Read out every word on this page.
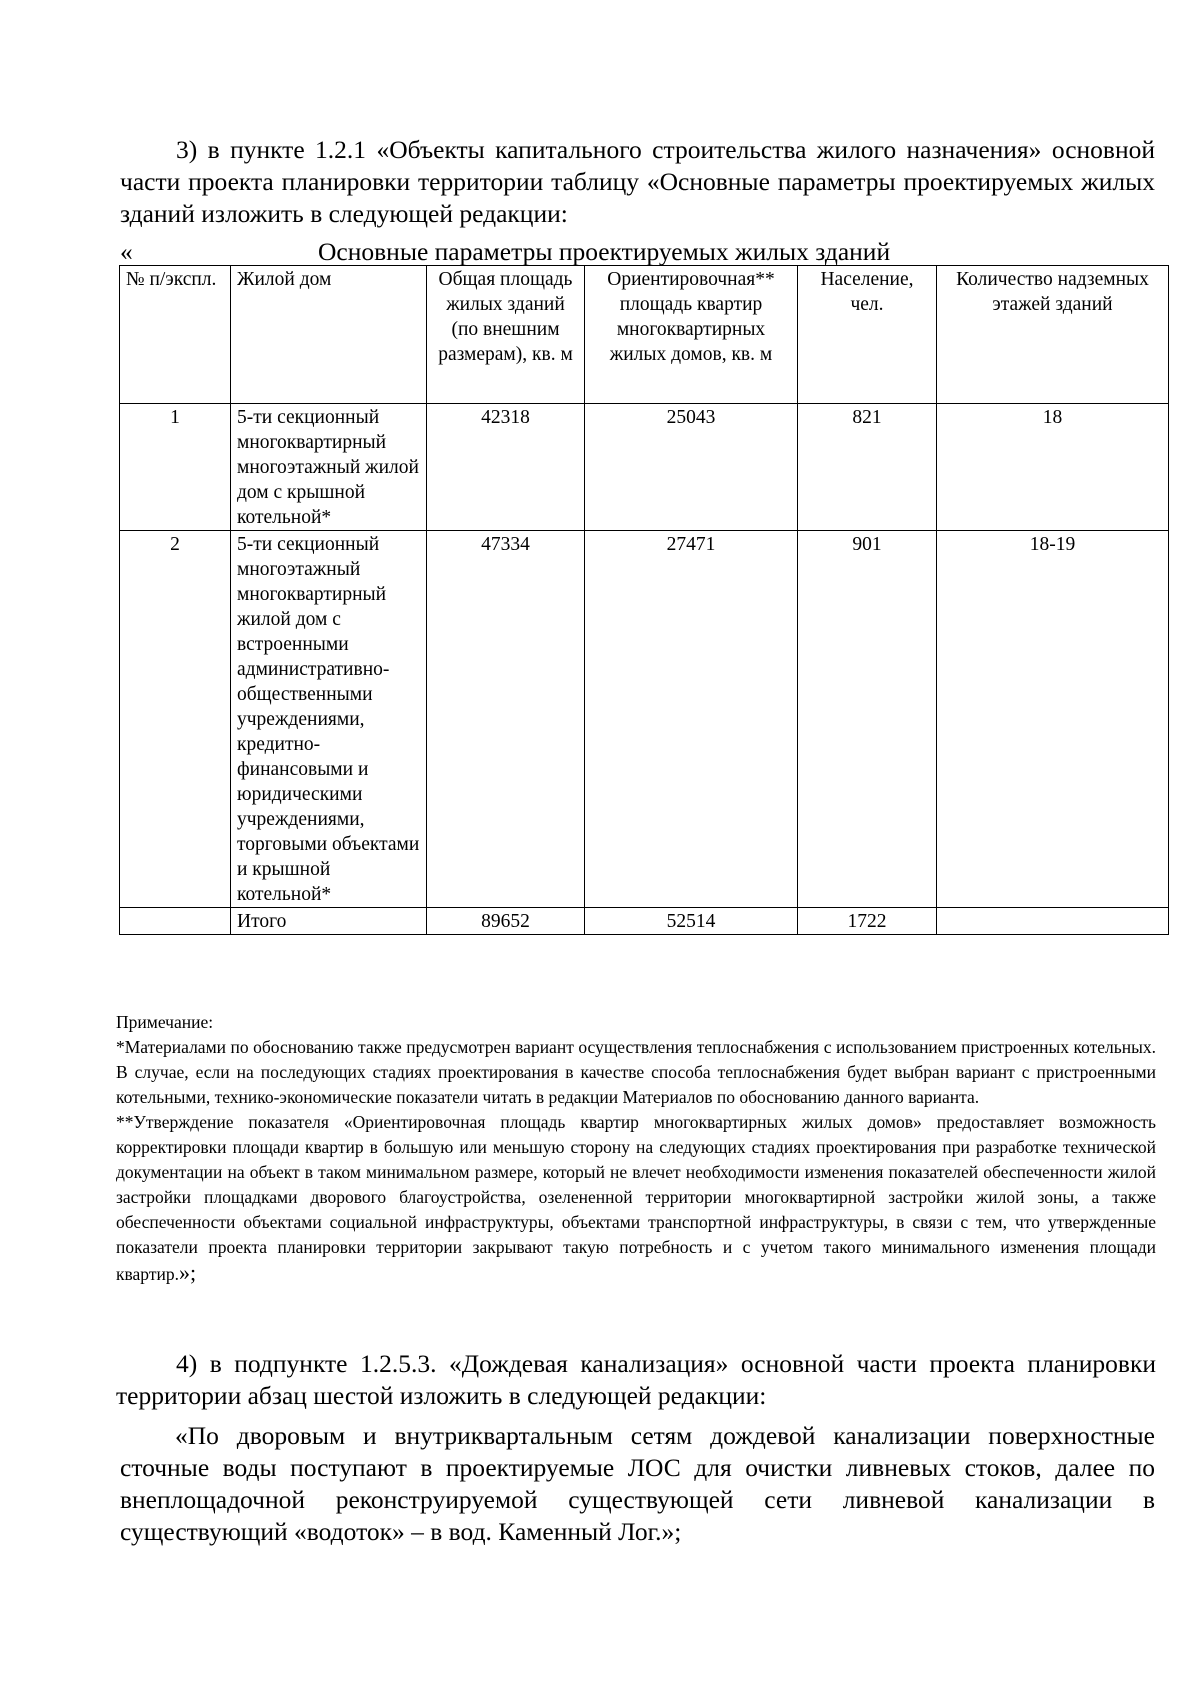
3) в пункте 1.2.1 «Объекты капитального строительства жилого назначения» основной части проекта планировки территории таблицу «Основные параметры проектируемых жилых зданий изложить в следующей редакции:
«	Основные параметры проектируемых жилых зданий
№ п/экспл.	Жилой дом	Общая площадь жилых зданий (по внешним размерам), кв. м	Ориентировочная** площадь квартир многоквартирных жилых домов, кв. м	Население, чел.	Количество надземных этажей зданий
1	5-ти секционный многоквартирный многоэтажный жилой дом с крышной котельной*	42318	25043	821	18
2	5-ти секционный многоэтажный многоквартирный жилой дом с встроенными административно-общественными учреждениями, кредитно-финансовыми и юридическими учреждениями, торговыми объектами и крышной котельной*	47334	27471	901	18-19
	Итого	89652	52514	1722	

Примечание:

*Материалами по обоснованию также предусмотрен вариант осуществления теплоснабжения с использованием пристроенных котельных. В случае, если на последующих стадиях проектирования в качестве способа теплоснабжения будет выбран вариант с пристроенными котельными, технико-экономические показатели читать в редакции Материалов по обоснованию данного варианта.

**Утверждение показателя «Ориентировочная площадь квартир многоквартирных жилых домов» предоставляет возможность корректировки площади квартир в большую или меньшую сторону на следующих стадиях проектирования при разработке технической документации на объект в таком минимальном размере, который не влечет необходимости изменения показателей обеспеченности жилой застройки площадками дворового благоустройства, озелененной территории многоквартирной застройки жилой зоны, а также обеспеченности объектами социальной инфраструктуры, объектами транспортной инфраструктуры, в связи с тем, что утвержденные показатели проекта планировки территории закрывают такую потребность и с учетом такого минимального изменения площади квартир.»;

4) в подпункте 1.2.5.3. «Дождевая канализация» основной части проекта планировки территории абзац шестой изложить в следующей редакции:
«По дворовым и внутриквартальным сетям дождевой канализации поверхностные сточные воды поступают в проектируемые ЛОС для очистки ливневых стоков, далее по внеплощадочной реконструируемой существующей сети ливневой канализации в существующий «водоток» – в вод. Каменный Лог.»;
